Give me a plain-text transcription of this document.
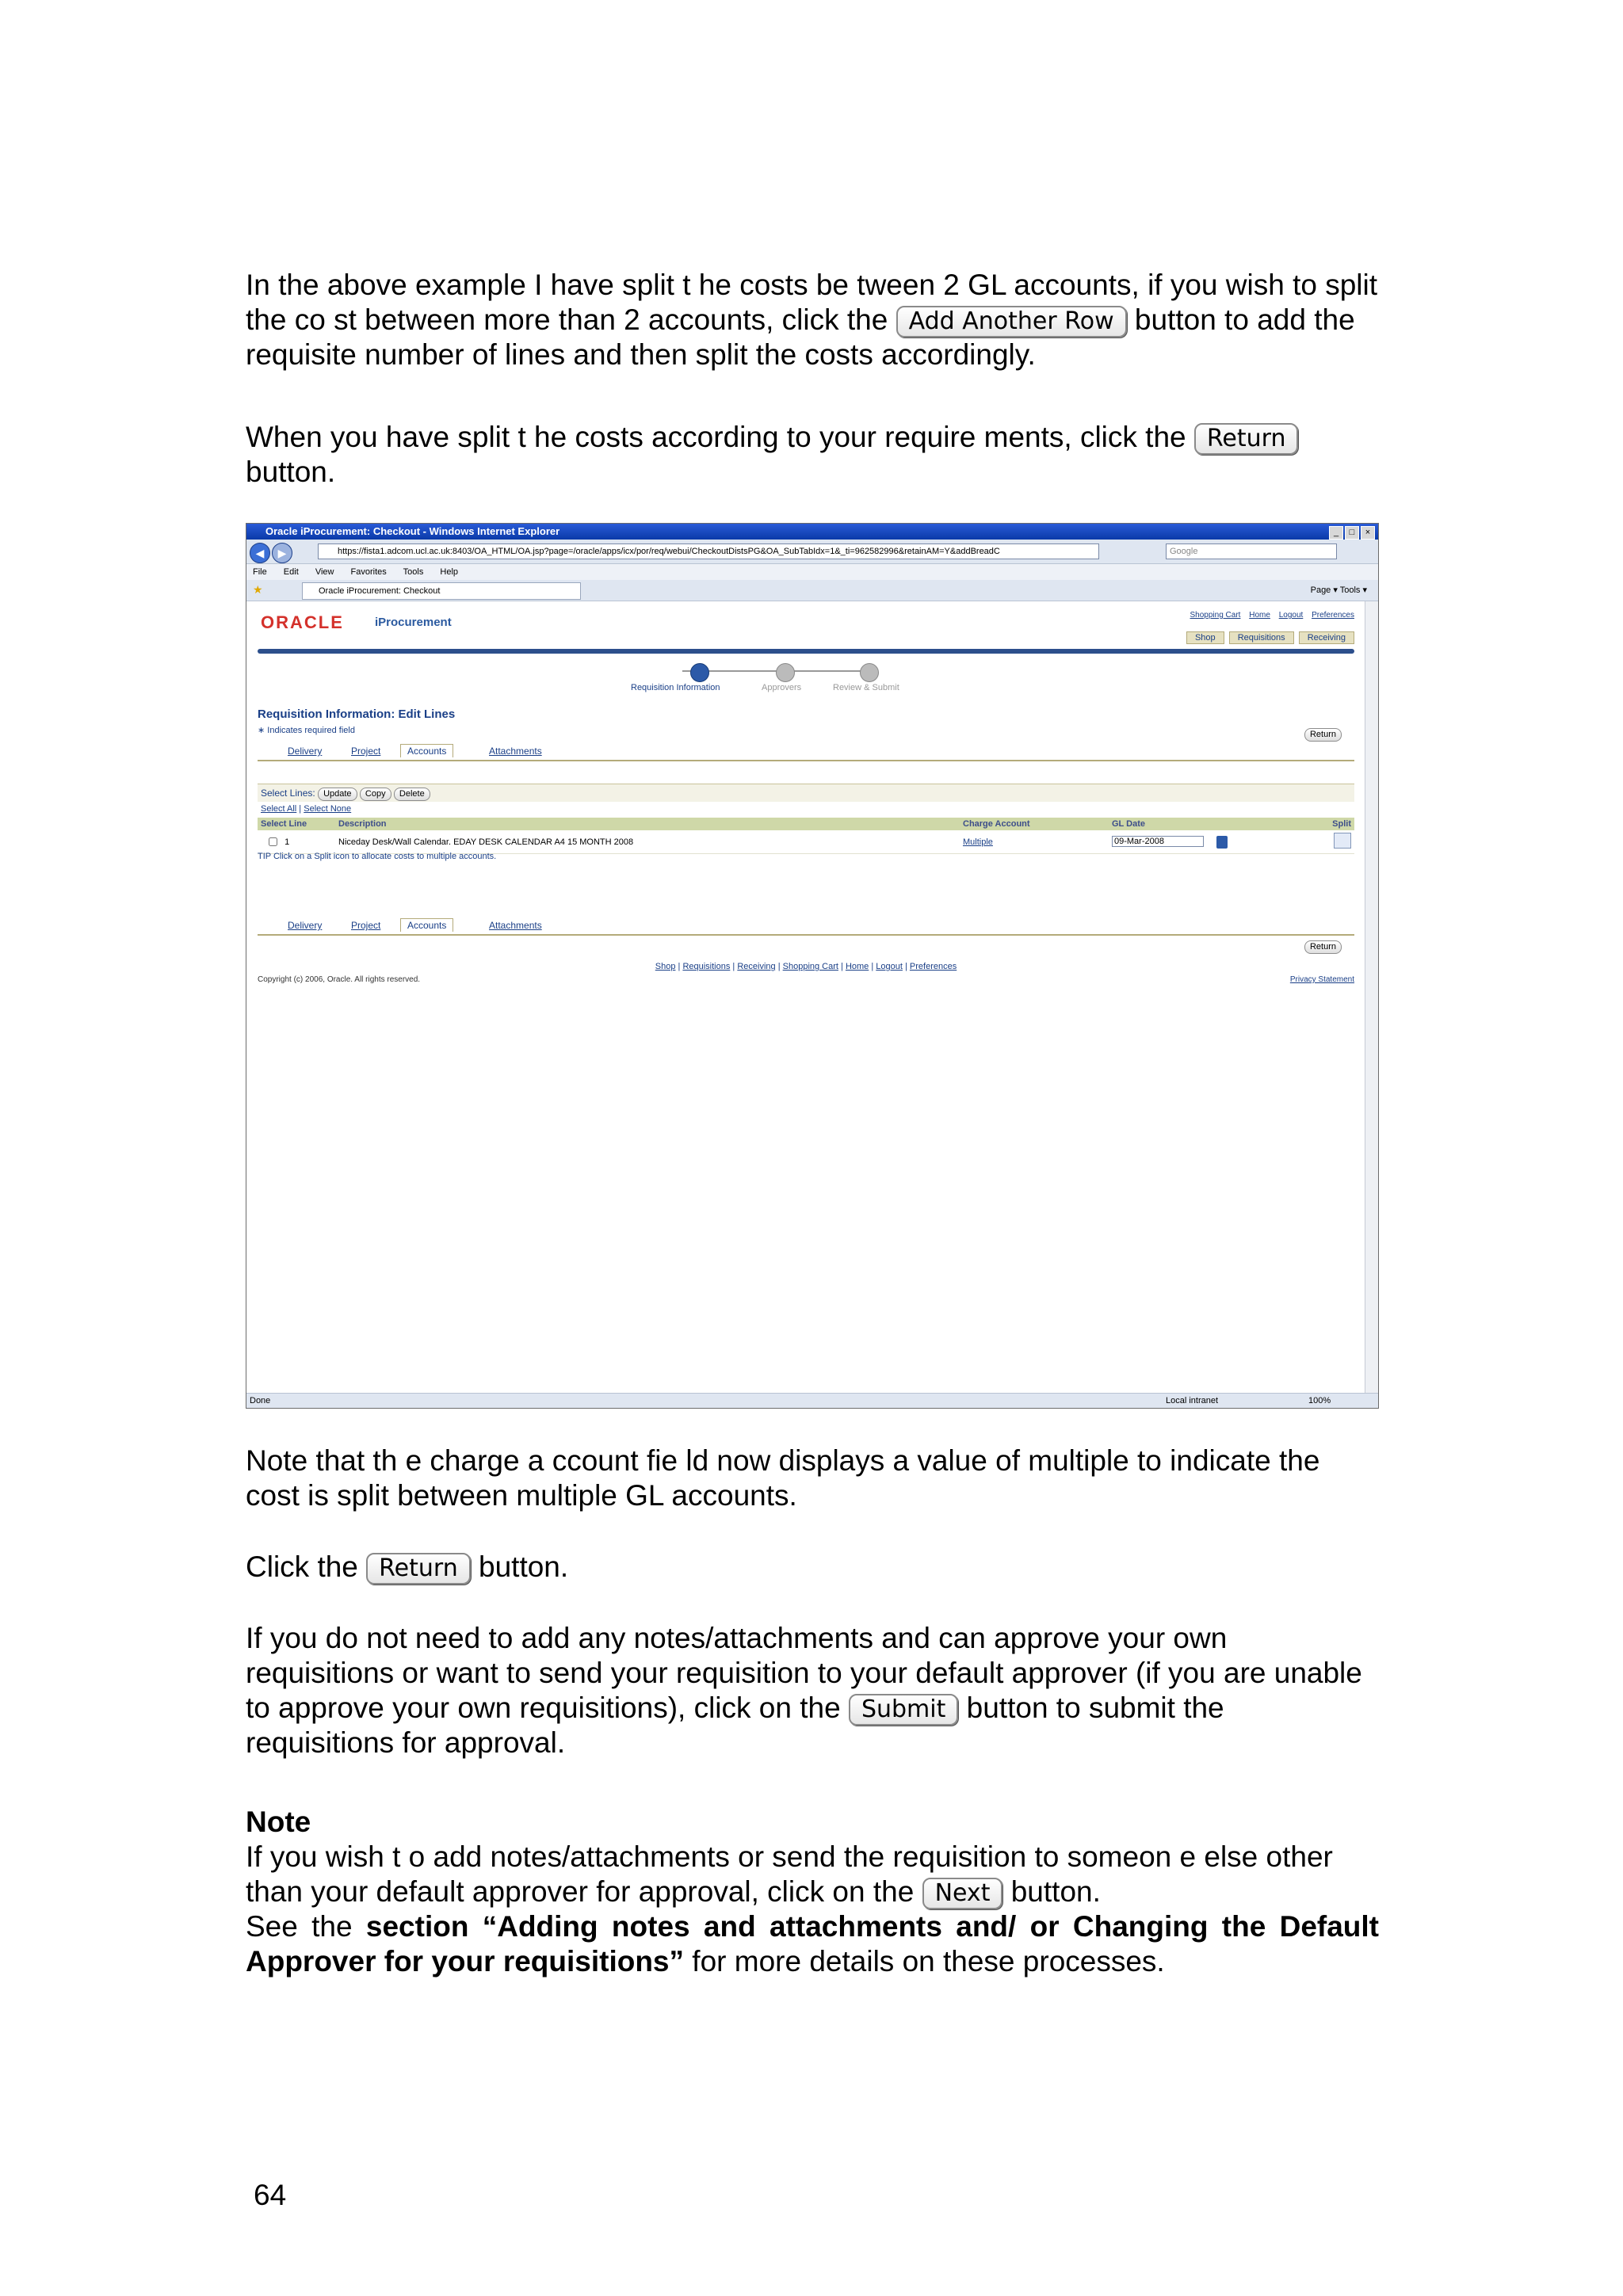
In the above example I have split t he costs be tween 2 GL accounts, if you wish to split the co st between more than 2 accounts, click the Add Another Row button to add the requisite number of lines and then split the costs accordingly.

When you have split t he costs according to your require ments, click the Return button.

Oracle iProcurement: Checkout - Windows Internet Explorer	_ □ ×
◀	▶	https://fista1.adcom.ucl.ac.uk:8403/OA_HTML/OA.jsp?page=/oracle/apps/icx/por/req/webui/CheckoutDistsPG&OA_SubTabIdx=1&_ti=962582996&retainAM=Y&addBreadC	Google
File Edit View Favorites Tools Help
★	Oracle iProcurement: Checkout	Page ▾ Tools ▾
ORACLE	iProcurement
Shopping Cart Home Logout Preferences
Shop	Requisitions	Receiving
Requisition Information	Approvers	Review & Submit
Requisition Information: Edit Lines
∗ Indicates required field	Return
Delivery	Project	Accounts	Attachments
Select Lines: Update Copy Delete
Select All | Select None
Select Line	Description	Charge Account	GL Date	Split
1	Niceday Desk/Wall Calendar. EDAY DESK CALENDAR A4 15 MONTH 2008	Multiple	09-Mar-2008	
TIP Click on a Split icon to allocate costs to multiple accounts.
Delivery	Project	Accounts	Attachments
Return
Shop | Requisitions | Receiving | Shopping Cart | Home | Logout | Preferences
Copyright (c) 2006, Oracle. All rights reserved.	Privacy Statement
Done	Local intranet	100%

Note that th e charge a ccount fie ld now displays a value of multiple to indicate the cost is split between multiple GL accounts.

Click the Return button.

If you do not need to add any notes/attachments and can approve your own requisitions or want to send your requisition to your default approver (if you are unable to approve your own requisitions), click on the Submit button to submit the requisitions for approval.

Note
If you wish t o add notes/attachments or send the requisition to someon e else other than your default approver for approval, click on the Next button.
See the section “Adding notes and attachments and/ or Changing the Default Approver for your requisitions” for more details on these processes.
64
